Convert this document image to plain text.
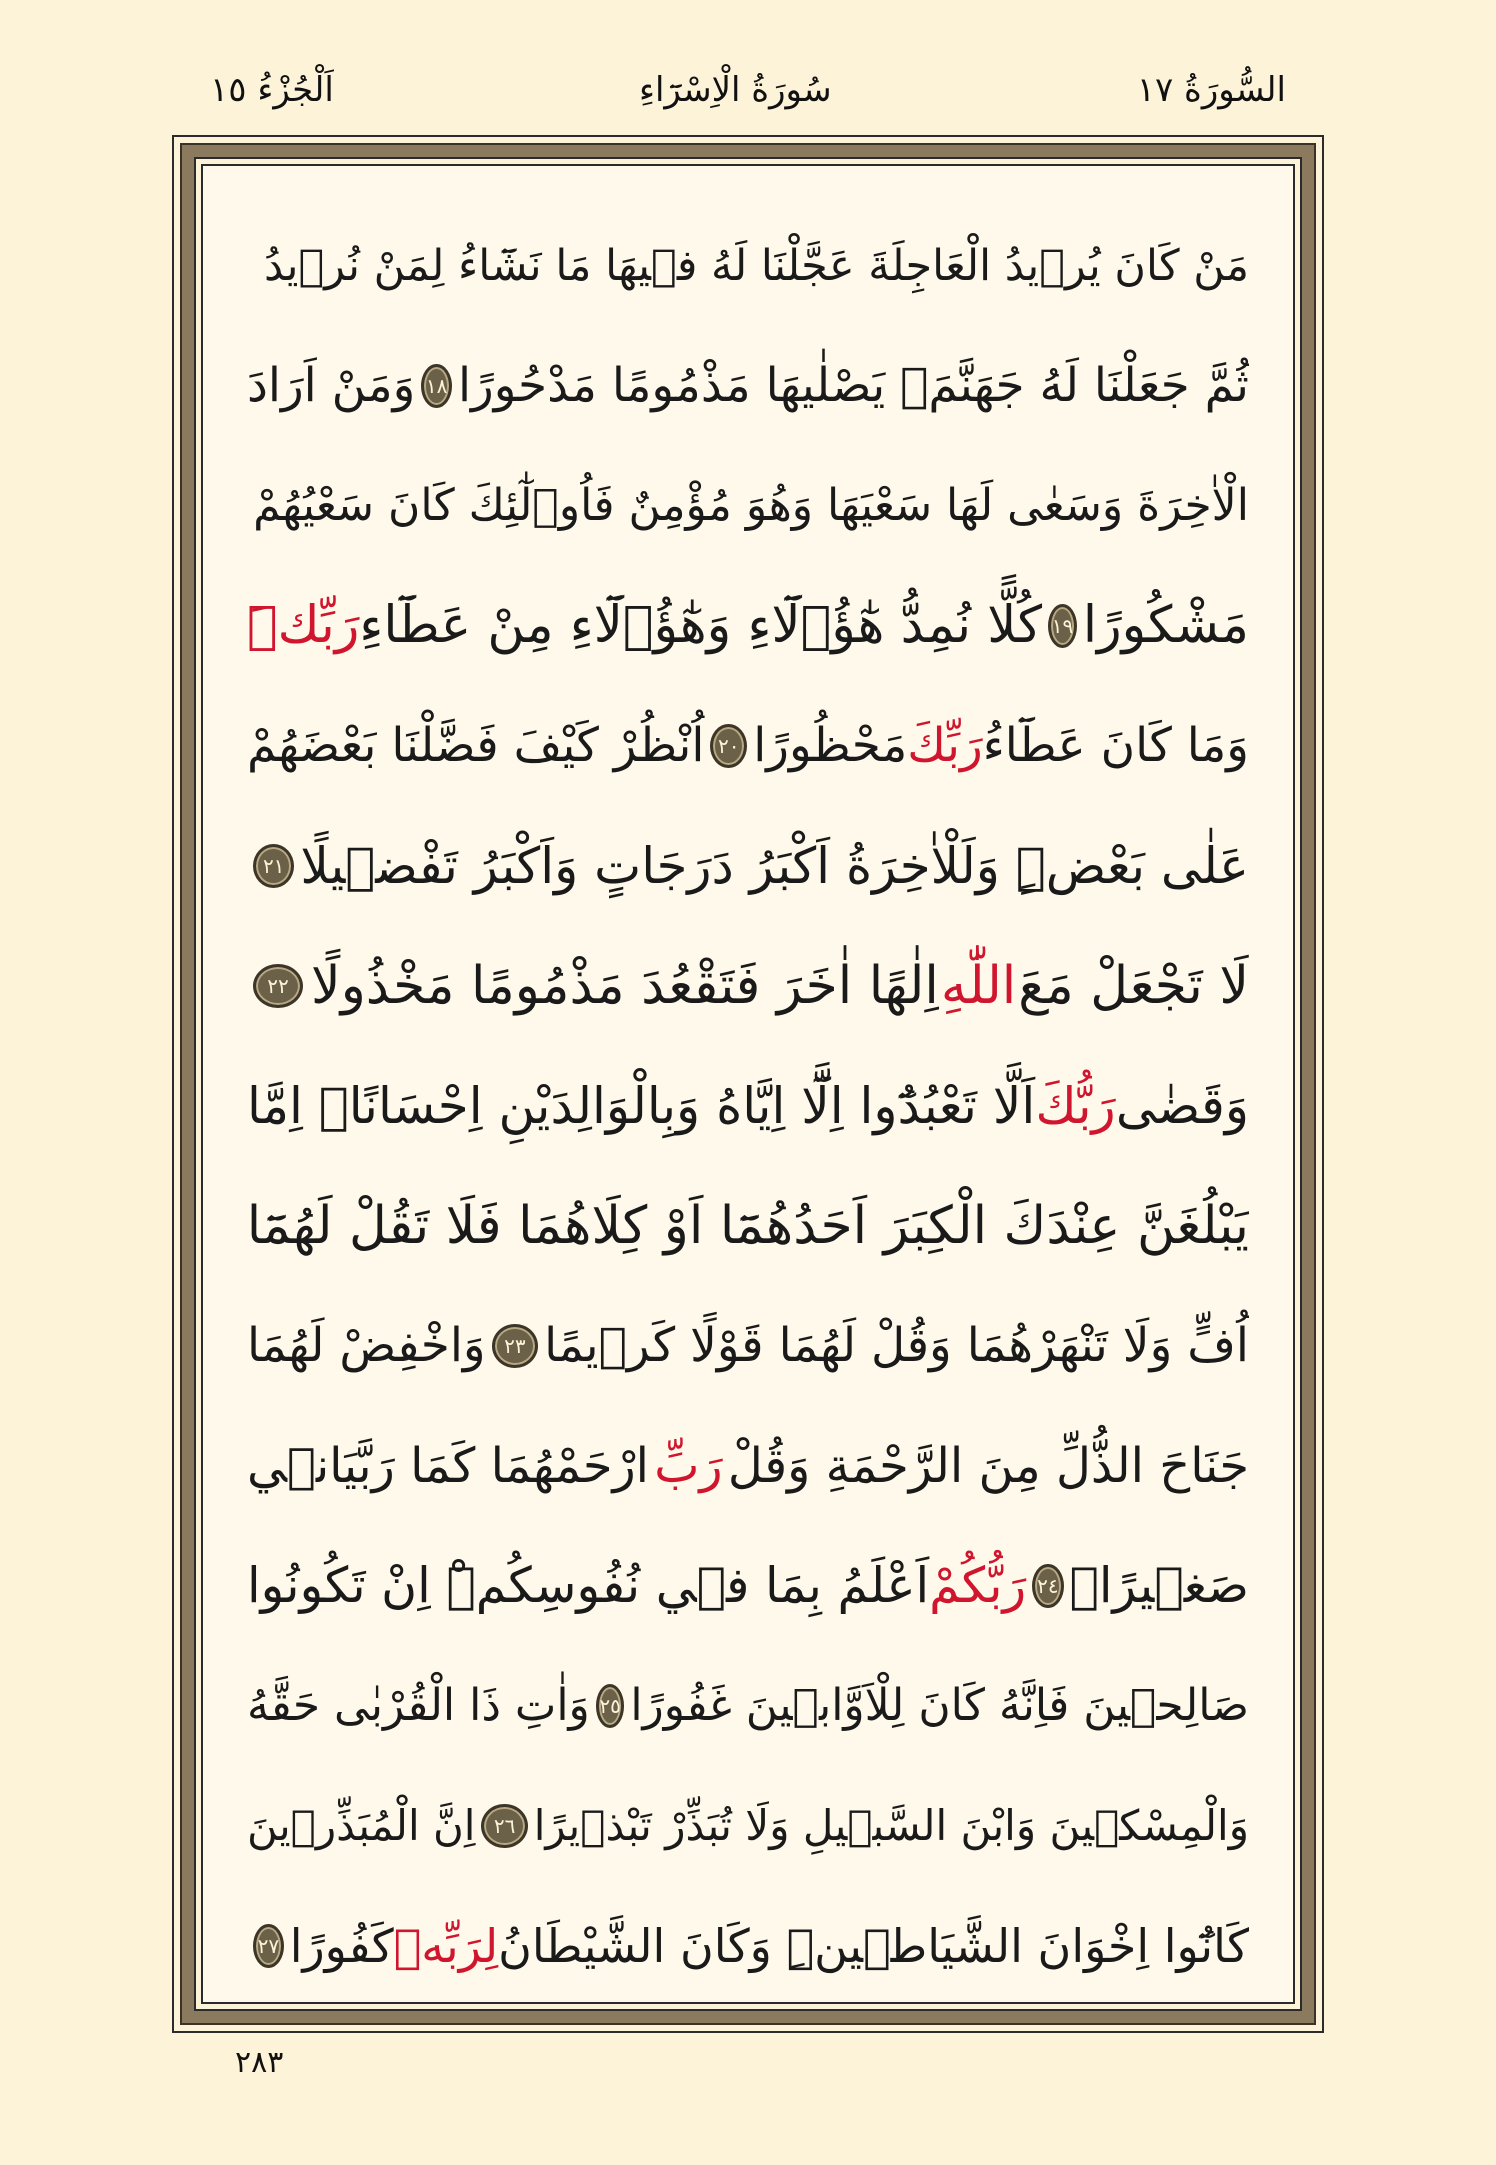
السُّورَةُ ١٧
سُورَةُ الْاِسْرَٓاءِ
اَلْجُزْءُ ١٥
مَنْ كَانَ يُرٖيدُ الْعَاجِلَةَ عَجَّلْنَا لَهُ فٖيهَا مَا نَشَٓاءُ لِمَنْ نُرٖيدُ
ثُمَّ جَعَلْنَا لَهُ جَهَنَّمَۚ يَصْلٰيهَا مَذْمُومًا مَدْحُورًا
١٨
وَمَنْ اَرَادَ
الْاٰخِرَةَ وَسَعٰى لَهَا سَعْيَهَا وَهُوَ مُؤْمِنٌ فَاُو۬لٰٓئِكَ كَانَ سَعْيُهُمْ
مَشْكُورًا
١٩
كُلًّا نُمِدُّ هٰٓؤُ۬لَٓاءِ وَهٰٓؤُ۬لَٓاءِ مِنْ عَطَٓاءِ
رَبِّكَۜ
وَمَا كَانَ عَطَٓاءُ
رَبِّكَ
مَحْظُورًا
٢٠
اُنْظُرْ كَيْفَ فَضَّلْنَا بَعْضَهُمْ
عَلٰى بَعْضٍۜ وَلَلْاٰخِرَةُ اَكْبَرُ دَرَجَاتٍ وَاَكْبَرُ تَفْضٖيلًا
٢١
لَا تَجْعَلْ مَعَ
اللّٰهِ
اِلٰهًا اٰخَرَ فَتَقْعُدَ مَذْمُومًا مَخْذُولًا
٢٢
وَقَضٰى
رَبُّكَ
اَلَّا تَعْبُدُٓوا اِلَّٓا اِيَّاهُ وَبِالْوَالِدَيْنِ اِحْسَانًاۜ اِمَّا
يَبْلُغَنَّ عِنْدَكَ الْكِبَرَ اَحَدُهُمَٓا اَوْ كِلَاهُمَا فَلَا تَقُلْ لَهُمَٓا
اُفٍّ وَلَا تَنْهَرْهُمَا وَقُلْ لَهُمَا قَوْلًا كَرٖيمًا
٢٣
وَاخْفِضْ لَهُمَا
جَنَاحَ الذُّلِّ مِنَ الرَّحْمَةِ وَقُلْ
رَبِّ
ارْحَمْهُمَا كَمَا رَبَّيَانٖي
صَغٖيرًاۜ
٢٤
رَبُّكُمْ
اَعْلَمُ بِمَا فٖي نُفُوسِكُمْۜ اِنْ تَكُونُوا
صَالِحٖينَ فَاِنَّهُ كَانَ لِلْاَوَّابٖينَ غَفُورًا
٢٥
وَاٰتِ ذَا الْقُرْبٰى حَقَّهُ
وَالْمِسْكٖينَ وَابْنَ السَّبٖيلِ وَلَا تُبَذِّرْ تَبْذٖيرًا
٢٦
اِنَّ الْمُبَذِّرٖينَ
كَانُٓوا اِخْوَانَ الشَّيَاطٖينِۜ وَكَانَ الشَّيْطَانُ
لِرَبِّهٖ
كَفُورًا
٢٧
٢٨٣
